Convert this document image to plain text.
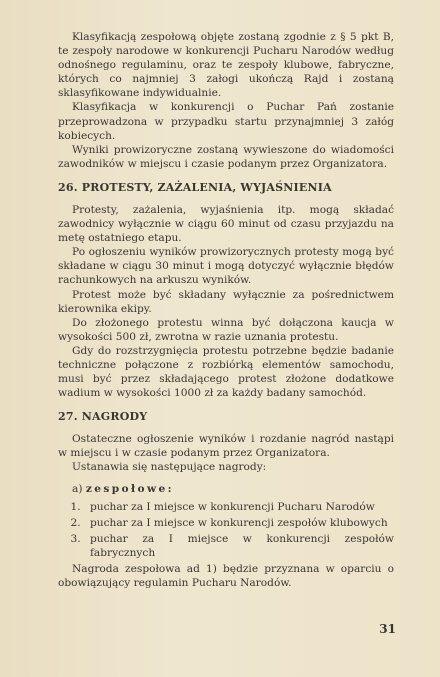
Klasyfikacją zespołową objęte zostaną zgodnie z § 5 pkt B, te zespoły narodowe w konkurencji Pucharu Narodów według odnośnego regulaminu, oraz te zespoły klubowe, fabryczne, których co najmniej 3 załogi ukończą Rajd i zostaną sklasyfikowane indywidualnie.

Klasyfikacja w konkurencji o Puchar Pań zostanie przeprowadzona w przypadku startu przynajmniej 3 załóg kobiecych.

Wyniki prowizoryczne zostaną wywieszone do wiadomości zawodników w miejscu i czasie podanym przez Organizatora.

26. PROTESTY, ZAŻALENIA, WYJAŚNIENIA

Protesty, zażalenia, wyjaśnienia itp. mogą składać zawodnicy wyłącznie w ciągu 60 minut od czasu przyjazdu na metę ostatniego etapu.

Po ogłoszeniu wyników prowizorycznych protesty mogą być składane w ciągu 30 minut i mogą dotyczyć wyłącznie błędów rachunkowych na arkuszu wyników.

Protest może być składany wyłącznie za pośrednictwem kierownika ekipy.

Do złożonego protestu winna być dołączona kaucja w wysokości 500 zł, zwrotna w razie uznania protestu.

Gdy do rozstrzygnięcia protestu potrzebne będzie badanie techniczne połączone z rozbiórką elementów samochodu, musi być przez składającego protest złożone dodatkowe wadium w wysokości 1000 zł za każdy badany samochód.

27. NAGRODY

Ostateczne ogłoszenie wyników i rozdanie nagród nastąpi w miejscu i w czasie podanym przez Organizatora.

Ustanawia się następujące nagrody:

a) zespołowe:
1. puchar za I miejsce w konkurencji Pucharu Narodów
2. puchar za I miejsce w konkurencji zespołów klubowych
3. puchar za I miejsce w konkurencji zespołów fabrycznych

Nagroda zespołowa ad 1) będzie przyznana w oparciu o obowiązujący regulamin Pucharu Narodów.

31
